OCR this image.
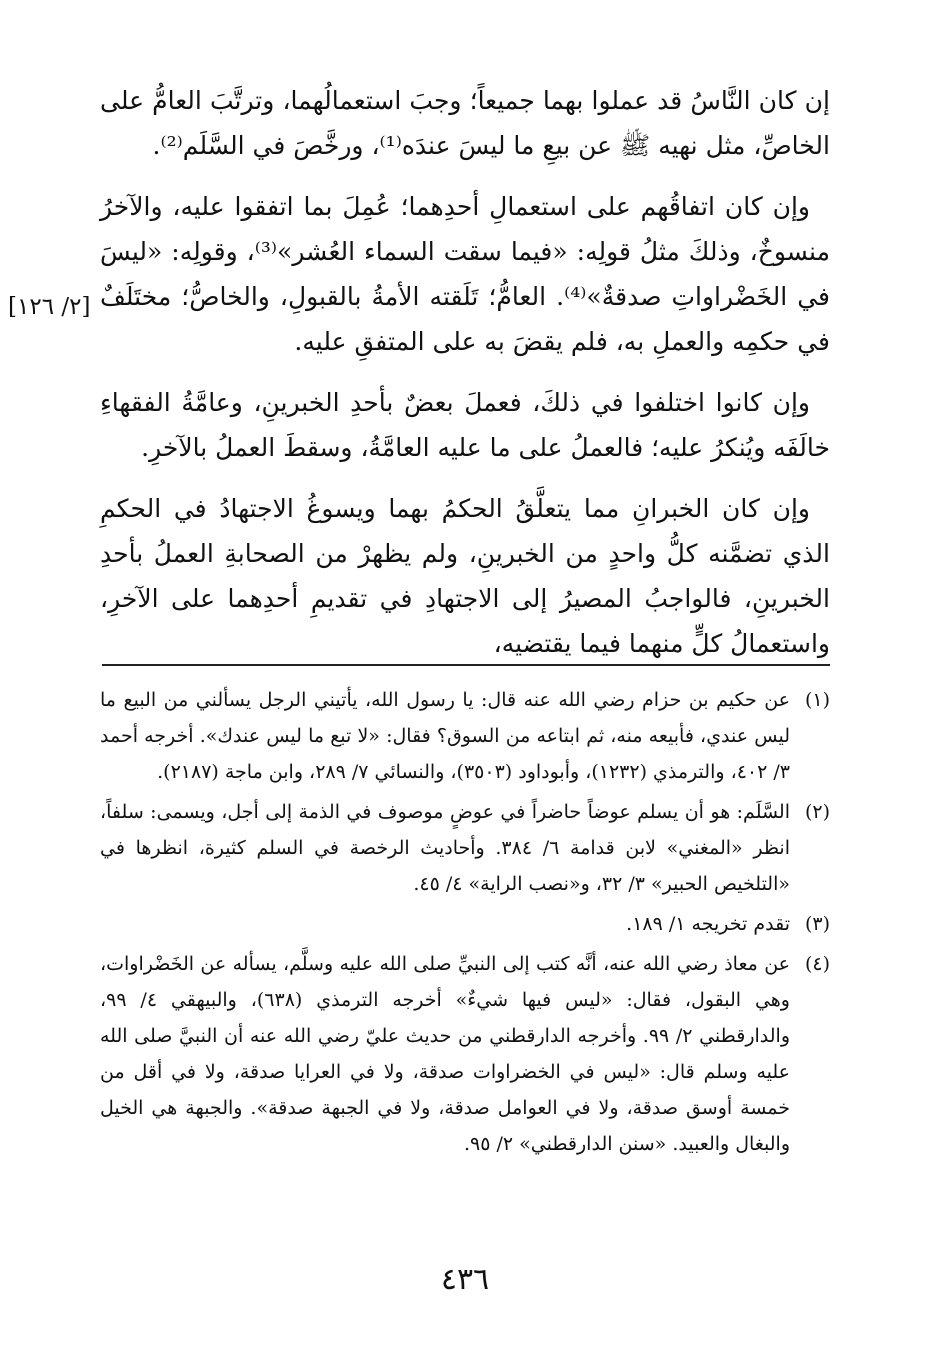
إن كان النَّاسُ قد عملوا بهما جميعاً؛ وجبَ استعمالُهما، وترتَّبَ العامُّ على الخاصِّ، مثل نهيه ﷺ عن بيعِ ما ليسَ عندَه⁽¹⁾، ورخَّصَ في السَّلَم⁽²⁾.

وإن كان اتفاقُهم على استعمالِ أحدِهما؛ عُمِلَ بما اتفقوا عليه، والآخرُ منسوخٌ، وذلكَ مثلُ قولِه: «فيما سقت السماء العُشر»⁽³⁾، وقولِه: «ليسَ في الخَضْراواتِ صدقةٌ»⁽⁴⁾. العامُّ؛ تَلَقته الأمةُ بالقبولِ، والخاصُّ؛ مختَلَفٌ في حكمِه والعملِ به، فلم يقضَ به على المتفقِ عليه.

وإن كانوا اختلفوا في ذلكَ، فعملَ بعضٌ بأحدِ الخبرينِ، وعامَّةُ الفقهاءِ خالَفَه ويُنكرُ عليه؛ فالعملُ على ما عليه العامَّةُ، وسقطَ العملُ بالآخرِ.

وإن كان الخبرانِ مما يتعلَّقُ الحكمُ بهما ويسوغُ الاجتهادُ في الحكمِ الذي تضمَّنه كلُّ واحدٍ من الخبرينِ، ولم يظهرْ من الصحابةِ العملُ بأحدِ الخبرينِ، فالواجبُ المصيرُ إلى الاجتهادِ في تقديمِ أحدِهما على الآخرِ، واستعمالُ كلٍّ منهما فيما يقتضيه،

[٢/ ١٢٦]

(١)عن حكيم بن حزام رضي الله عنه قال: يا رسول الله، يأتيني الرجل يسألني من البيع ما ليس عندي، فأبيعه منه، ثم ابتاعه من السوق؟ فقال: «لا تبع ما ليس عندك». أخرجه أحمد ٣/ ٤٠٢، والترمذي (١٢٣٢)، وأبوداود (٣٥٠٣)، والنسائي ٧/ ٢٨٩، وابن ماجة (٢١٨٧).

(٢)السَّلَم: هو أن يسلم عوضاً حاضراً في عوضٍ موصوف في الذمة إلى أجل، ويسمى: سلفاً، انظر «المغني» لابن قدامة ٦/ ٣٨٤. وأحاديث الرخصة في السلم كثيرة، انظرها في «التلخيص الحبير» ٣/ ٣٢، و«نصب الراية» ٤/ ٤٥.

(٣)تقدم تخريجه ١/ ١٨٩.

(٤)عن معاذ رضي الله عنه، أنَّه كتب إلى النبيِّ صلى الله عليه وسلَّم، يسأله عن الخَضْراوات، وهي البقول، فقال: «ليس فيها شيءٌ» أخرجه الترمذي (٦٣٨)، والبيهقي ٤/ ٩٩، والدارقطني ٢/ ٩٩. وأخرجه الدارقطني من حديث عليّ رضي الله عنه أن النبيَّ صلى الله عليه وسلم قال: «ليس في الخضراوات صدقة، ولا في العرايا صدقة، ولا في أقل من خمسة أوسق صدقة، ولا في العوامل صدقة، ولا في الجبهة صدقة». والجبهة هي الخيل والبغال والعبيد. «سنن الدارقطني» ٢/ ٩٥.

٤٣٦
